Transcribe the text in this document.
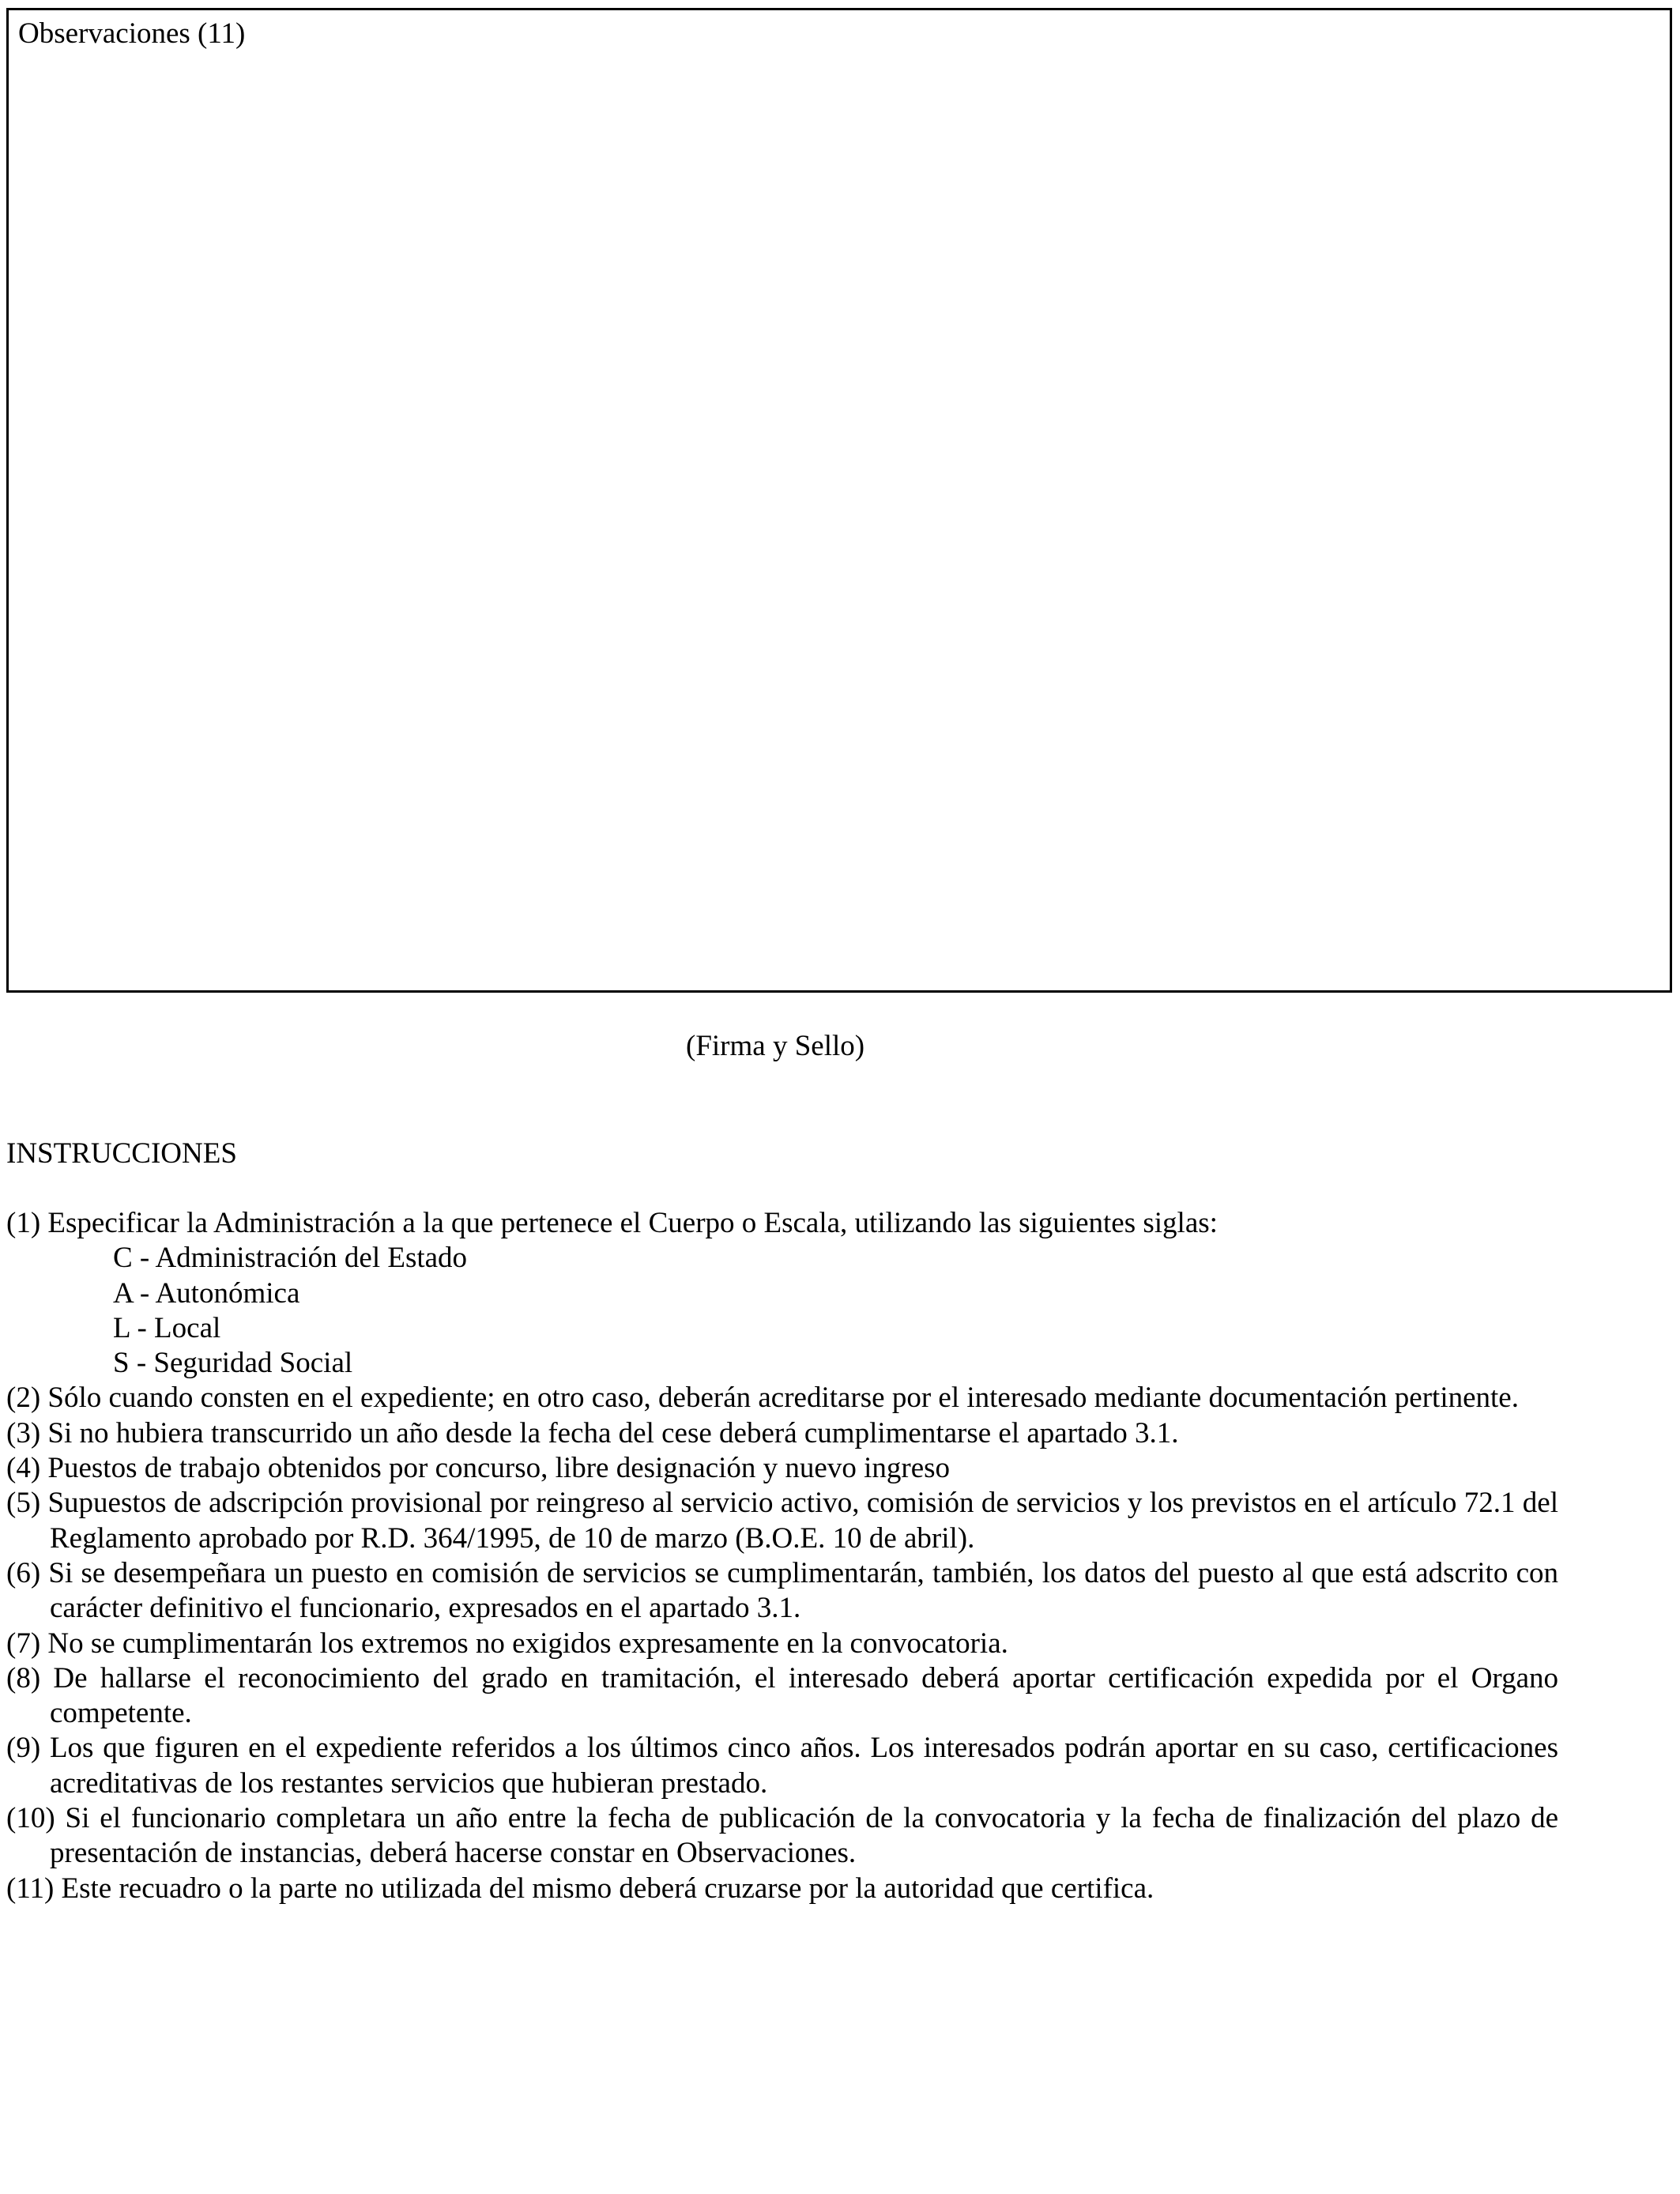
Observaciones (11)
(Firma y Sello)
INSTRUCCIONES
(1) Especificar la Administración a la que pertenece el Cuerpo o Escala, utilizando las siguientes siglas:
C - Administración del Estado
A - Autonómica
L - Local
S - Seguridad Social
(2) Sólo cuando consten en el expediente; en otro caso, deberán acreditarse por el interesado mediante documentación pertinente.
(3) Si no hubiera transcurrido un año desde la fecha del cese deberá cumplimentarse el apartado 3.1.
(4) Puestos de trabajo obtenidos por concurso, libre designación y nuevo ingreso
(5) Supuestos de adscripción provisional por reingreso al servicio activo, comisión de servicios y los previstos en el artículo 72.1 del Reglamento aprobado por R.D. 364/1995, de 10 de marzo (B.O.E. 10 de abril).
(6) Si se desempeñara un puesto en comisión de servicios se cumplimentarán, también, los datos del puesto al que está adscrito con carácter definitivo el funcionario, expresados en el apartado 3.1.
(7) No se cumplimentarán los extremos no exigidos expresamente en la convocatoria.
(8) De hallarse el reconocimiento del grado en tramitación, el interesado deberá aportar certificación expedida por el Organo competente.
(9) Los que figuren en el expediente referidos a los últimos cinco años. Los interesados podrán aportar en su caso, certificaciones acreditativas de los restantes servicios que hubieran prestado.
(10) Si el funcionario completara un año entre la fecha de publicación de la convocatoria y la fecha de finalización del plazo de presentación de instancias, deberá hacerse constar en Observaciones.
(11) Este recuadro o la parte no utilizada del mismo deberá cruzarse por la autoridad que certifica.
